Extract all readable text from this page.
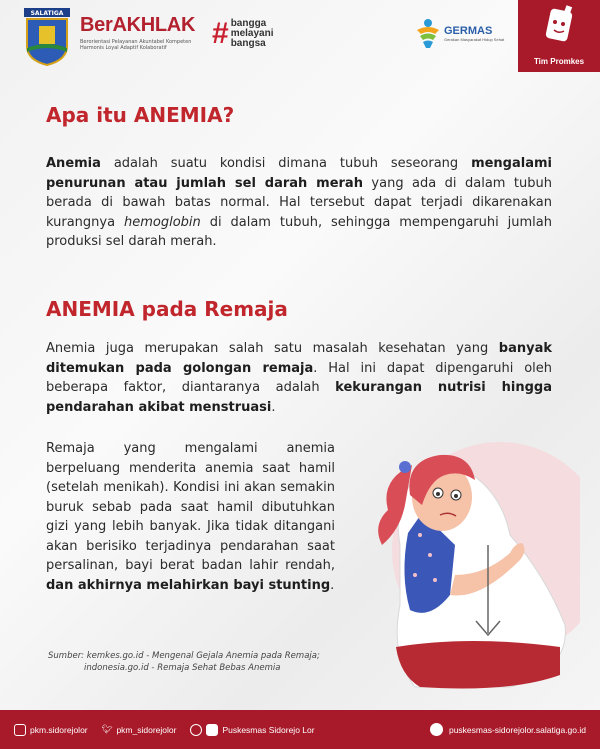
SALATIGA
BerAKHLAK
Berorientasi Pelayanan Akuntabel Kompeten Harmonis Loyal Adaptif Kolaboratif	# bangga
melayani
bangsa
GERMAS
Gerakan Masyarakat Hidup Sehat
Tim Promkes
Apa itu ANEMIA?
Anemia adalah suatu kondisi dimana tubuh seseorang mengalami penurunan atau jumlah sel darah merah yang ada di dalam tubuh berada di bawah batas normal. Hal tersebut dapat terjadi dikarenakan kurangnya hemoglobin di dalam tubuh, sehingga mempengaruhi jumlah produksi sel darah merah.
ANEMIA pada Remaja
Anemia juga merupakan salah satu masalah kesehatan yang banyak ditemukan pada golongan remaja. Hal ini dapat dipengaruhi oleh beberapa faktor, diantaranya adalah kekurangan nutrisi hingga pendarahan akibat menstruasi.
Remaja yang mengalami anemia berpeluang menderita anemia saat hamil (setelah menikah). Kondisi ini akan semakin buruk sebab pada saat hamil dibutuhkan gizi yang lebih banyak. Jika tidak ditangani akan berisiko terjadinya pendarahan saat persalinan, bayi berat badan lahir rendah, dan akhirnya melahirkan bayi stunting.
Sumber: kemkes.go.id - Mengenal Gejala Anemia pada Remaja;
indonesia.go.id - Remaja Sehat Bebas Anemia
pkm.sidorejolor 🐦︎ pkm_sidorejolor	Puskesmas Sidorejo Lor	puskesmas-sidorejolor.salatiga.go.id
